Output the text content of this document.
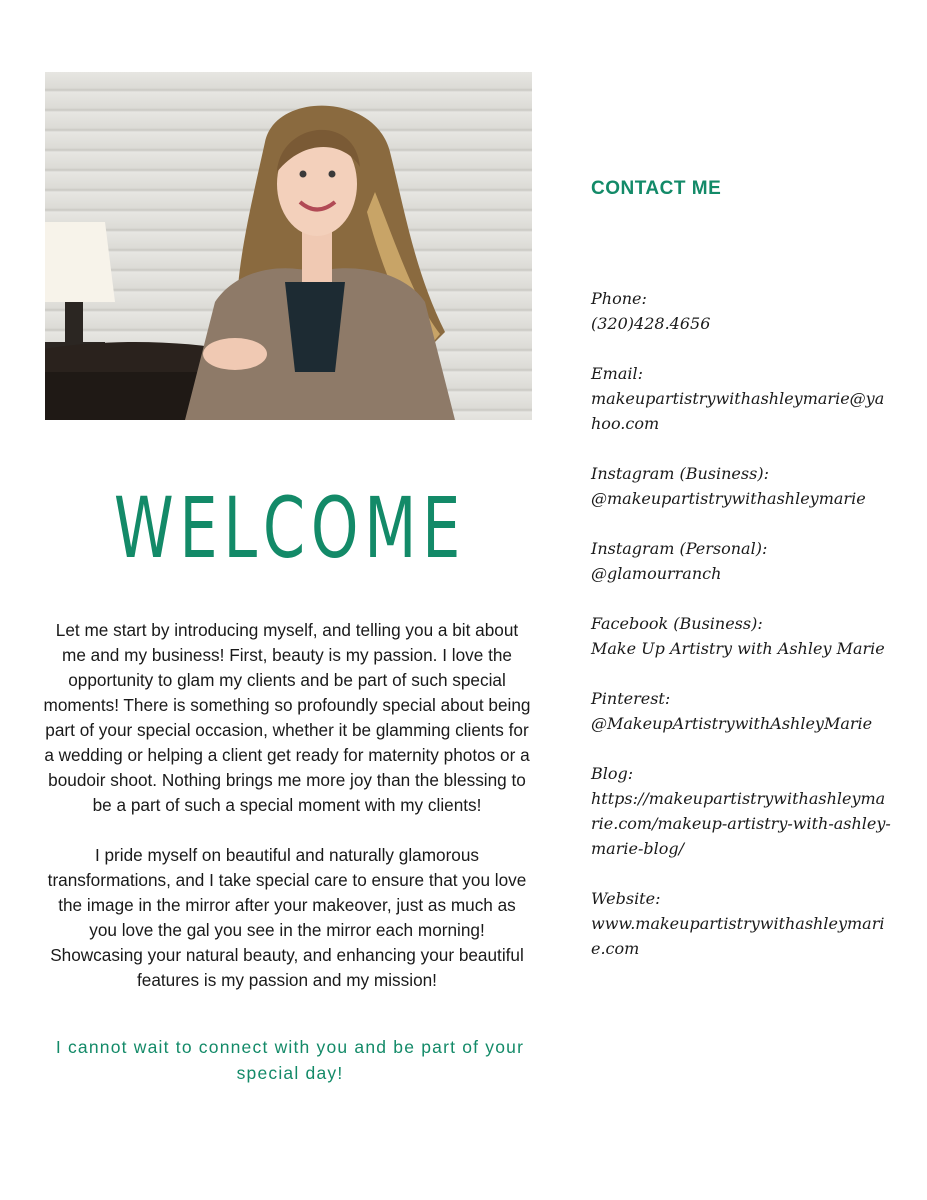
WELCOME

Let me start by introducing myself, and telling you a bit about me and my business! First, beauty is my passion. I love the opportunity to glam my clients and be part of such special moments! There is something so profoundly special about being part of your special occasion, whether it be glamming clients for a wedding or helping a client get ready for maternity photos or a boudoir shoot. Nothing brings me more joy than the blessing to be a part of such a special moment with my clients!

I pride myself on beautiful and naturally glamorous transformations, and I take special care to ensure that you love the image in the mirror after your makeover, just as much as you love the gal you see in the mirror each morning! Showcasing your natural beauty, and enhancing your beautiful features is my passion and my mission!

I cannot wait to connect with you and be part of your special day!

CONTACT ME
Phone:
(320)428.4656
Email:
makeupartistrywithashleymarie@yahoo.com
Instagram (Business):
@makeupartistrywithashleymarie
Instagram (Personal):
@glamourranch
Facebook (Business):
Make Up Artistry with Ashley Marie
Pinterest:
@MakeupArtistrywithAshleyMarie
Blog:
https://makeupartistrywithashleymarie.com/makeup-artistry-with-ashley-marie-blog/
Website:
www.makeupartistrywithashleymarie.com
